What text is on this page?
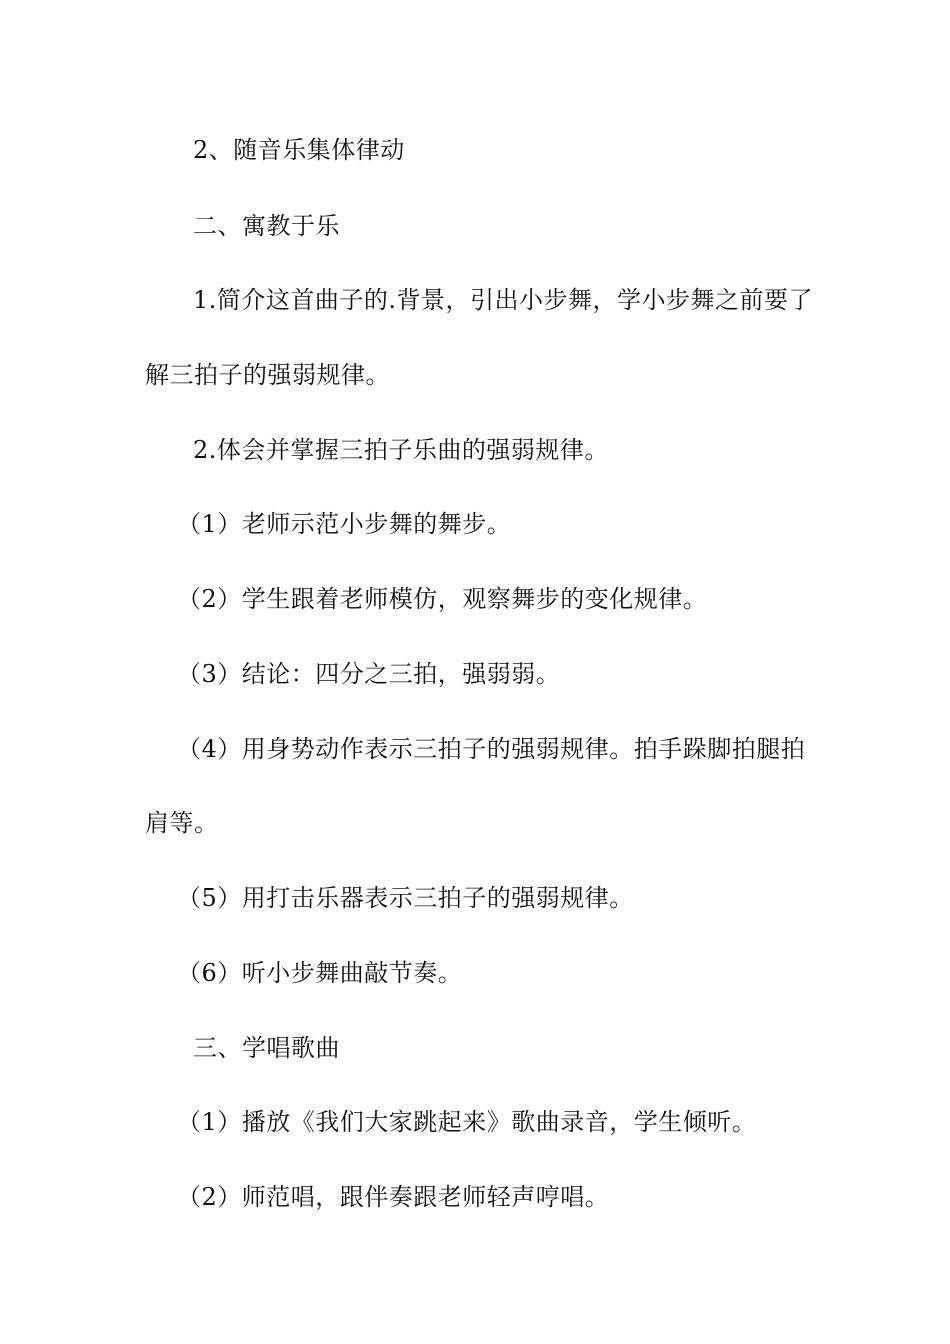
2、随音乐集体律动
二、寓教于乐
1.简介这首曲子的.背景，引出小步舞，学小步舞之前要了
解三拍子的强弱规律。
2.体会并掌握三拍子乐曲的强弱规律。
（1）老师示范小步舞的舞步。
（2）学生跟着老师模仿，观察舞步的变化规律。
（3）结论：四分之三拍，强弱弱。
（4）用身势动作表示三拍子的强弱规律。拍手跺脚拍腿拍
肩等。
（5）用打击乐器表示三拍子的强弱规律。
（6）听小步舞曲敲节奏。
三、学唱歌曲
（1）播放《我们大家跳起来》歌曲录音，学生倾听。
（2）师范唱，跟伴奏跟老师轻声哼唱。
